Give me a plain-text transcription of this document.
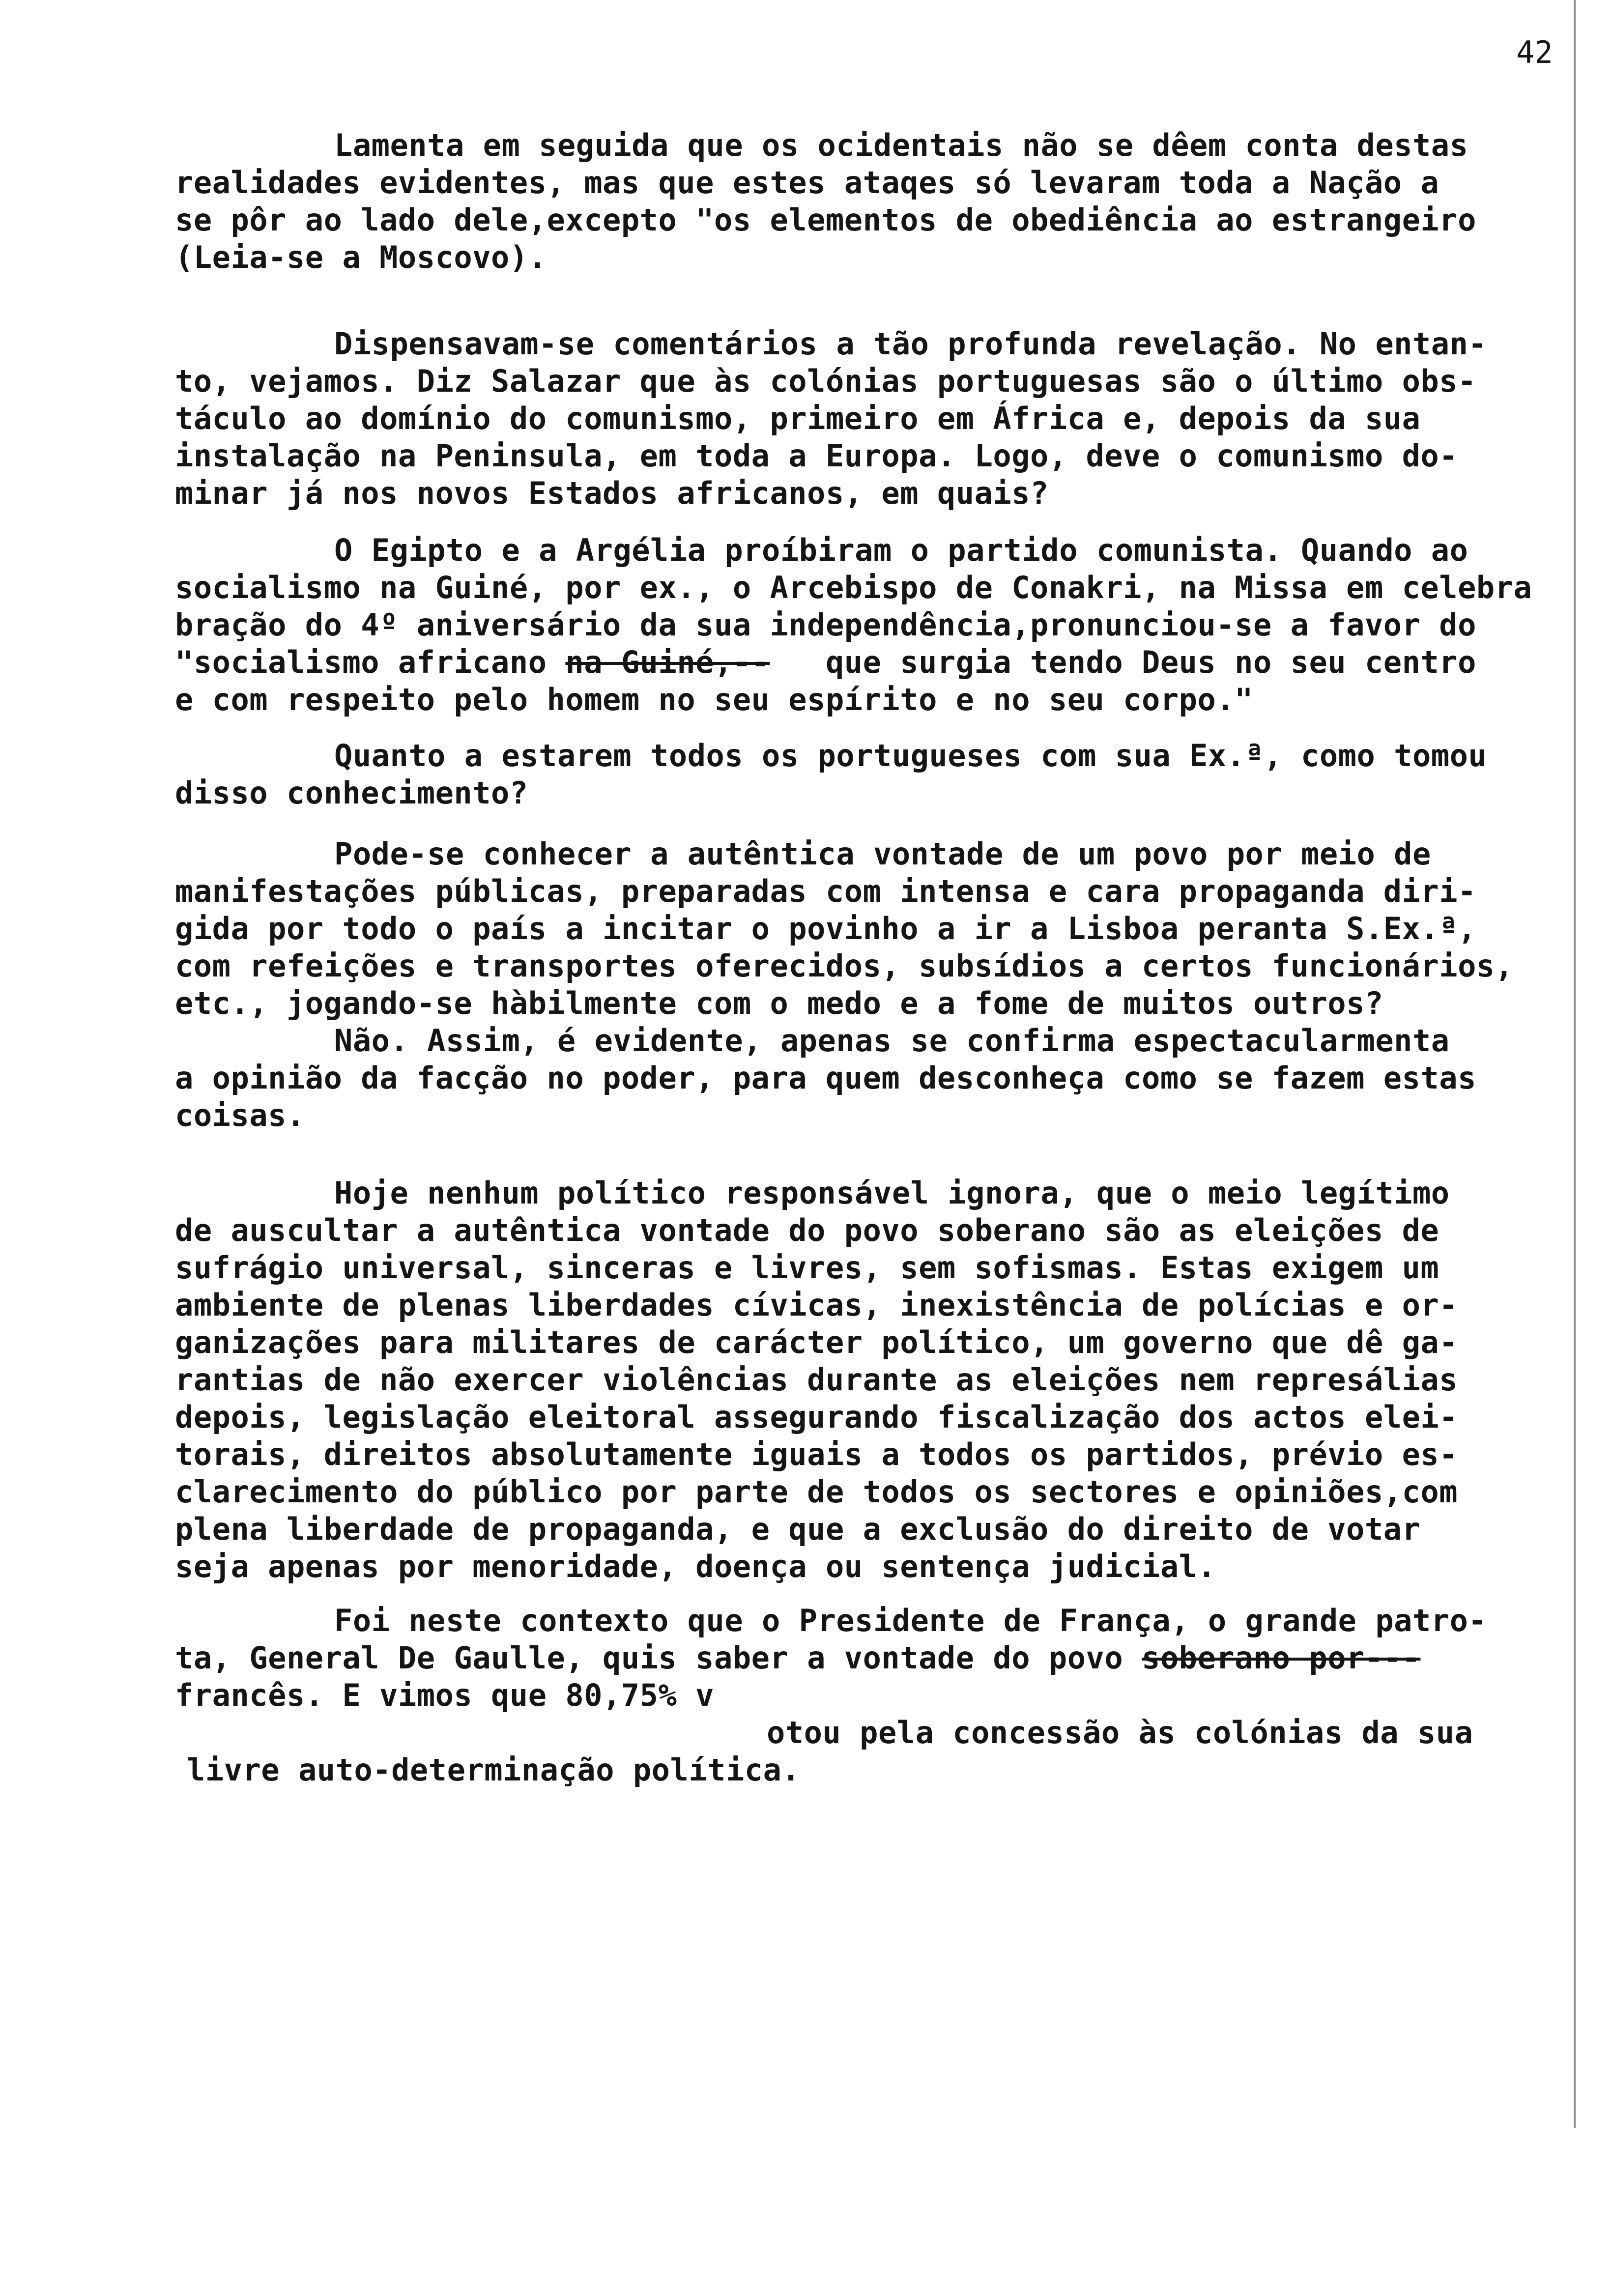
42
Lamenta em seguida que os ocidentais não se dêem conta destas
realidades evidentes, mas que estes ataqes só levaram toda a Nação a
se pôr ao lado dele,excepto "os elementos de obediência ao estrangeiro
(Leia-se a Moscovo).
Dispensavam-se comentários a tão profunda revelação. No entan-
to, vejamos. Diz Salazar que às colónias portuguesas são o último obs-
táculo ao domínio do comunismo, primeiro em África e, depois da sua
instalação na Peninsula, em toda a Europa. Logo, deve o comunismo do-
minar já nos novos Estados africanos, em quais?
O Egipto e a Argélia proíbiram o partido comunista. Quando ao
socialismo na Guiné, por ex., o Arcebispo de Conakri, na Missa em celebra
bração do 4º aniversário da sua independência,pronunciou-se a favor do
"socialismo africano na Guiné,-- que surgia tendo Deus no seu centro
e com respeito pelo homem no seu espírito e no seu corpo."
Quanto a estarem todos os portugueses com sua Ex.ª, como tomou
disso conhecimento?
Pode-se conhecer a autêntica vontade de um povo por meio de
manifestações públicas, preparadas com intensa e cara propaganda diri-
gida por todo o país a incitar o povinho a ir a Lisboa peranta S.Ex.ª,
com refeições e transportes oferecidos, subsídios a certos funcionários,
etc., jogando-se hàbilmente com o medo e a fome de muitos outros?
Não. Assim, é evidente, apenas se confirma espectacularmenta
a opinião da facção no poder, para quem desconheça como se fazem estas
coisas.
Hoje nenhum político responsável ignora, que o meio legítimo
de auscultar a autêntica vontade do povo soberano são as eleições de
sufrágio universal, sinceras e livres, sem sofismas. Estas exigem um
ambiente de plenas liberdades cívicas, inexistência de polícias e or-
ganizações para militares de carácter político, um governo que dê ga-
rantias de não exercer violências durante as eleições nem represálias
depois, legislação eleitoral assegurando fiscalização dos actos elei-
torais, direitos absolutamente iguais a todos os partidos, prévio es-
clarecimento do público por parte de todos os sectores e opiniões,com
plena liberdade de propaganda, e que a exclusão do direito de votar
seja apenas por menoridade, doença ou sentença judicial.
Foi neste contexto que o Presidente de França, o grande patro-
ta, General De Gaulle, quis saber a vontade do povo soberano por---
francês. E vimos que 80,75% v
otou pela concessão às colónias da sua
livre auto-determinação política.
